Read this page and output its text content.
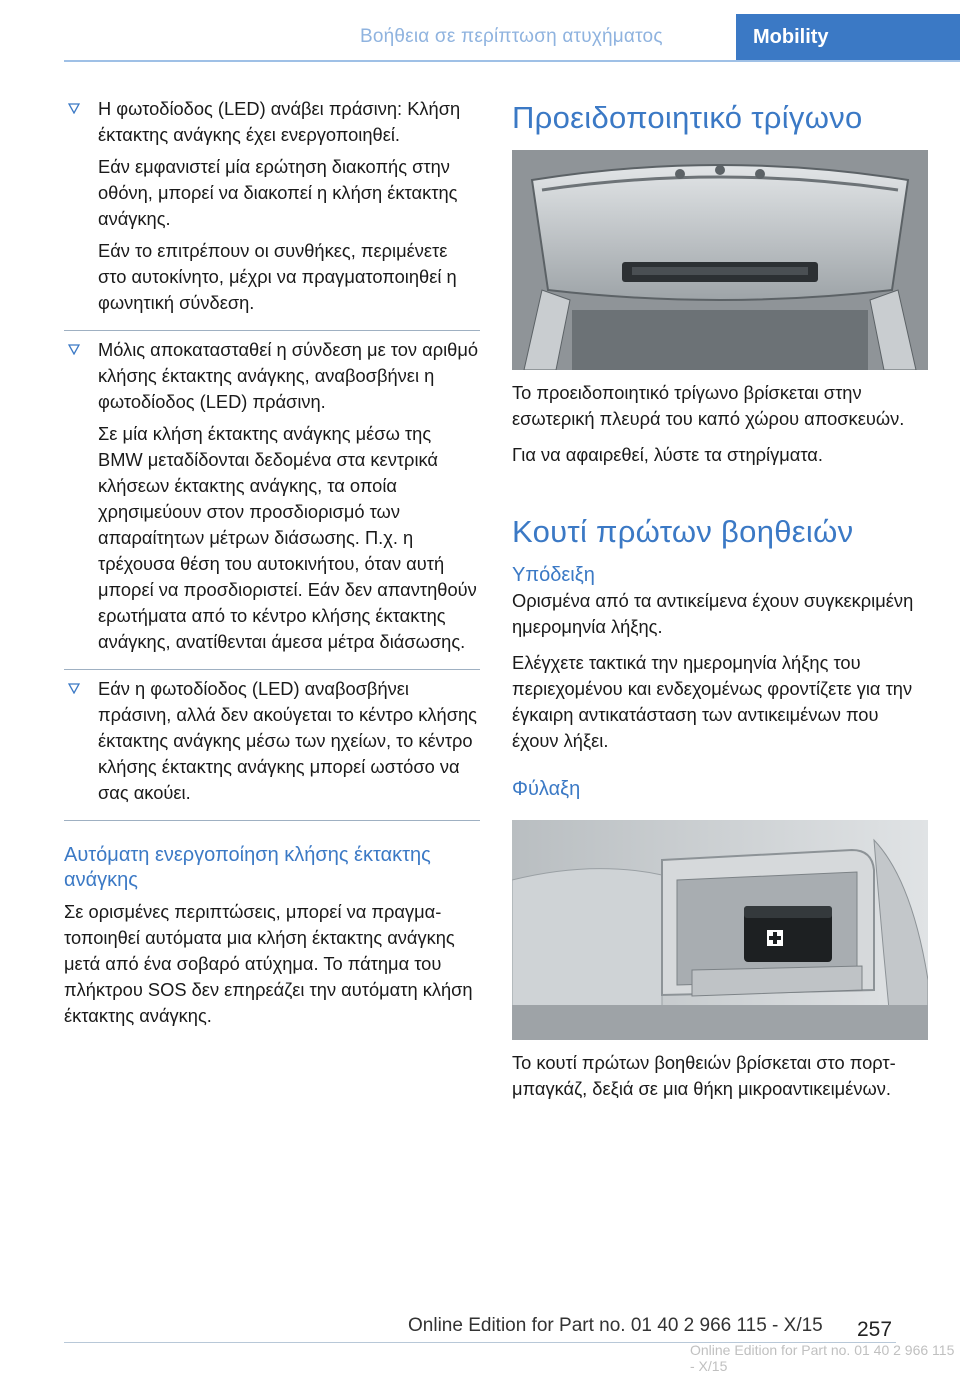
Βοήθεια σε περίπτωση ατυχήματος	Mobility

Η φωτοδίοδος (LED) ανάβει πράσινη: Κλήση έκτακτης ανάγκης έχει ενεργοποιηθεί.

Εάν εμφανιστεί μία ερώτηση διακοπής στην οθόνη, μπορεί να διακοπεί η κλήση έκτακτης ανάγκης.

Εάν το επιτρέπουν οι συνθήκες, περιμένετε στο αυτοκίνητο, μέχρι να πραγματοποιηθεί η φωνητική σύνδεση.

Μόλις αποκατασταθεί η σύνδεση με τον αριθμό κλήσης έκτακτης ανάγκης, αναβοσβήνει η φωτοδίοδος (LED) πράσινη.

Σε μία κλήση έκτακτης ανάγκης μέσω της BMW μεταδίδονται δεδομένα στα κεντρικά κλήσεων έκτακτης ανάγκης, τα οποία χρησιμεύουν στον προσδιορισμό των απαραίτητων μέτρων διάσωσης. Π.χ. η τρέχουσα θέση του αυτοκινήτου, όταν αυτή μπορεί να προσδιοριστεί. Εάν δεν απαντηθούν ερωτήματα από το κέντρο κλήσης έκτακτης ανάγκης, ανατίθενται άμεσα μέτρα διάσωσης.

Εάν η φωτοδίοδος (LED) αναβοσβήνει πράσινη, αλλά δεν ακούγεται το κέντρο κλήσης έκτακτης ανάγκης μέσω των ηχείων, το κέντρο κλήσης έκτακτης ανάγκης μπορεί ωστόσο να σας ακούει.

Αυτόματη ενεργοποίηση κλήσης έκτακτης ανάγκης

Σε ορισμένες περιπτώσεις, μπορεί να πραγματοποιηθεί αυτόματα μια κλήση έκτακτης ανάγκης μετά από ένα σοβαρό ατύχημα. Το πάτημα του πλήκτρου SOS δεν επηρεάζει την αυτόματη κλήση έκτακτης ανάγκης.

Προειδοποιητικό τρίγωνο

Το προειδοποιητικό τρίγωνο βρίσκεται στην εσωτερική πλευρά του καπό χώρου αποσκευών.

Για να αφαιρεθεί, λύστε τα στηρίγματα.

Κουτί πρώτων βοηθειών
Υπόδειξη

Ορισμένα από τα αντικείμενα έχουν συγκεκριμένη ημερομηνία λήξης.

Ελέγχετε τακτικά την ημερομηνία λήξης του περιεχομένου και ενδεχομένως φροντίζετε για την έγκαιρη αντικατάσταση των αντικειμένων που έχουν λήξει.

Φύλαξη

Το κουτί πρώτων βοηθειών βρίσκεται στο πορτ-μπαγκάζ, δεξιά σε μια θήκη μικροαντικειμένων.

257
Online Edition for Part no. 01 40 2 966 115 - X/15
Online Edition for Part no. 01 40 2 966 115 - X/15
